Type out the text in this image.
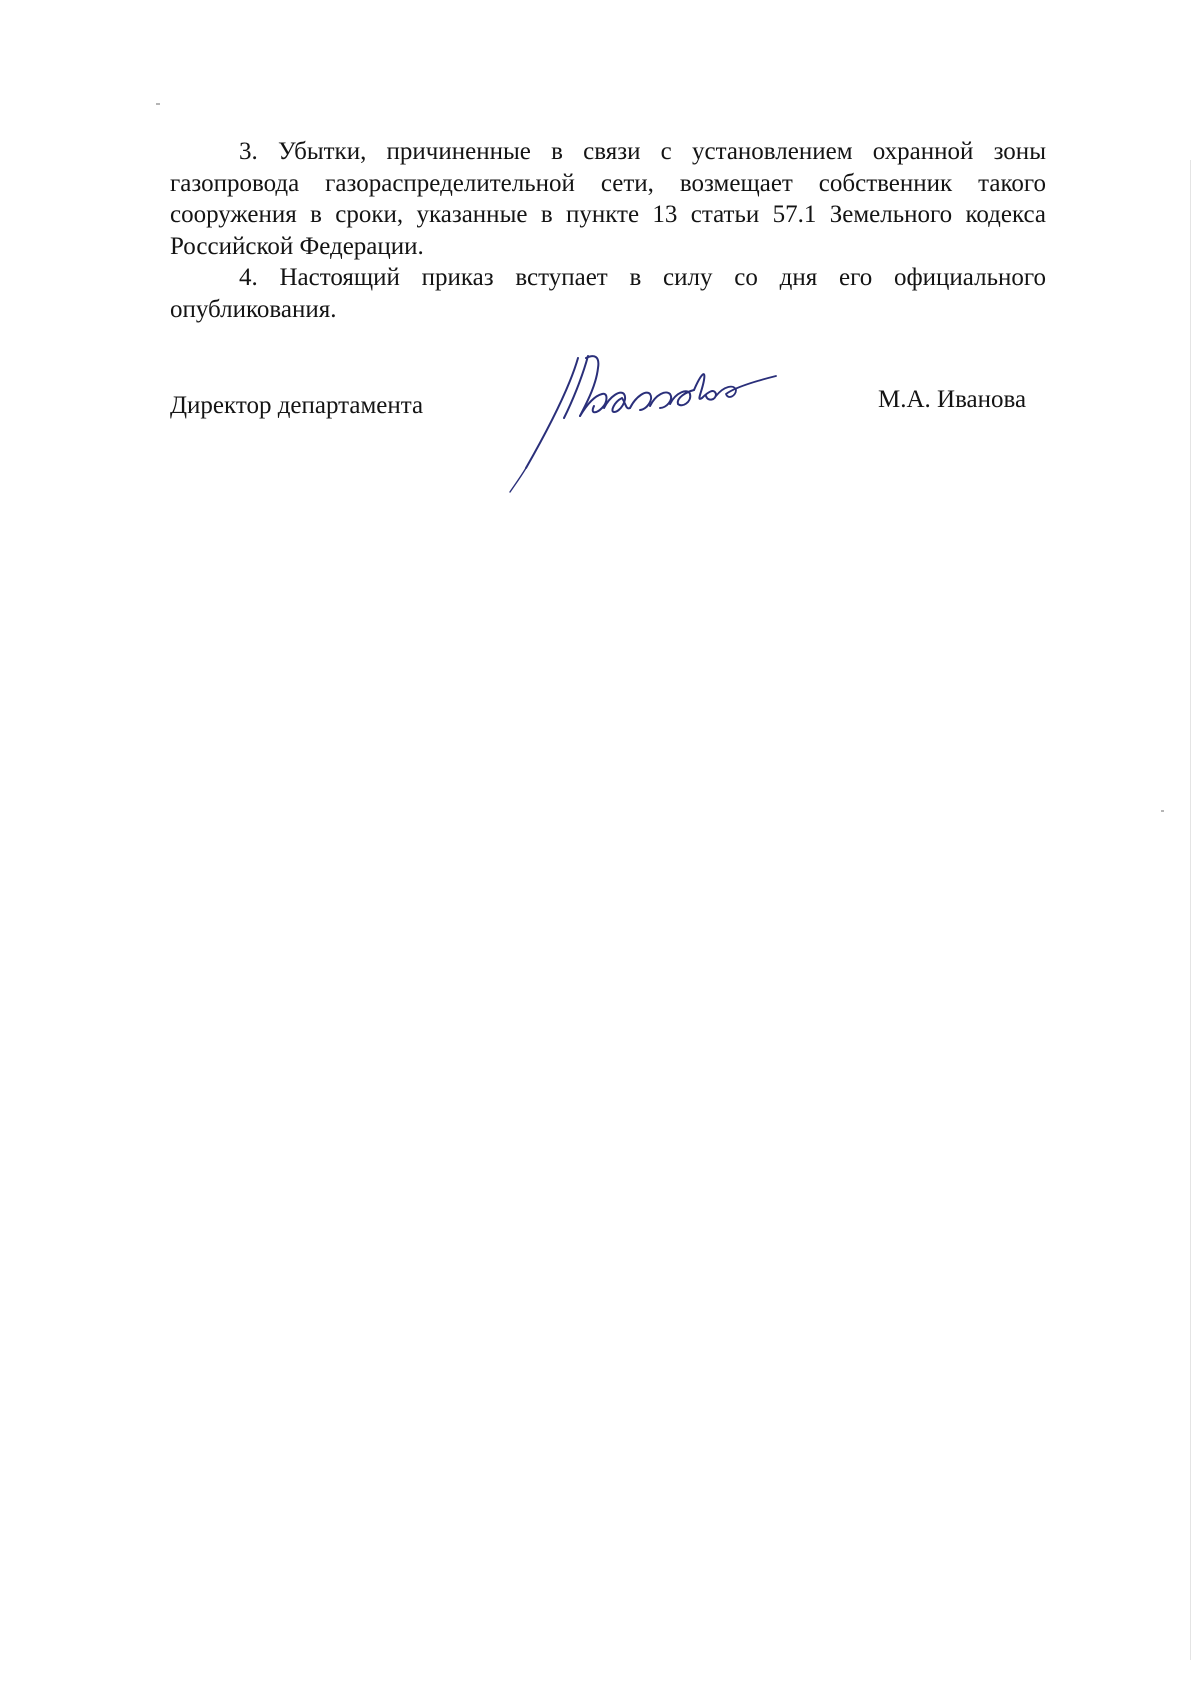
3. Убытки, причиненные в связи с установлением охранной зоны газопровода газораспределительной сети, возмещает собственник такого сооружения в сроки, указанные в пункте 13 статьи 57.1 Земельного кодекса Российской Федерации.

4. Настоящий приказ вступает в силу со дня его официального опубликования.

Директор департамента	М.А. Иванова
